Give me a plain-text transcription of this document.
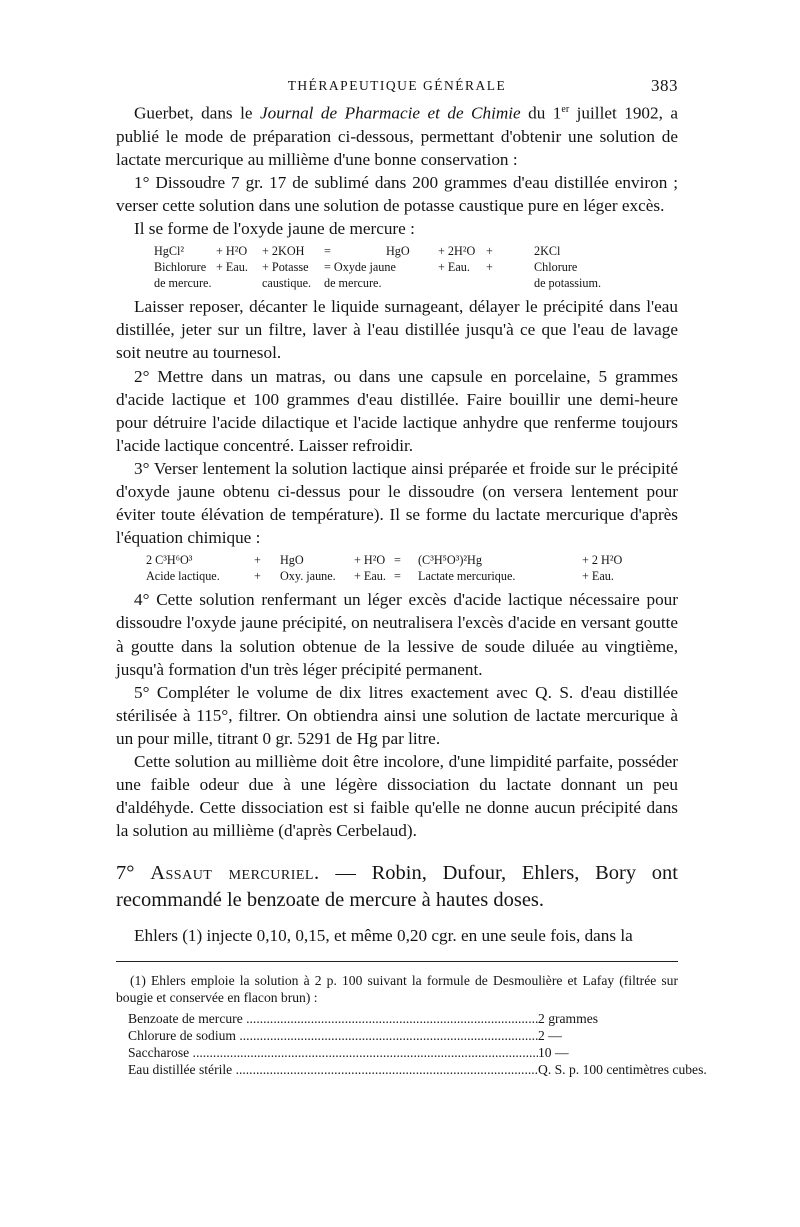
THÉRAPEUTIQUE GÉNÉRALE	383

Guerbet, dans le Journal de Pharmacie et de Chimie du 1er juillet 1902, a publié le mode de préparation ci-dessous, permettant d'obtenir une solution de lactate mercurique au millième d'une bonne conservation :

1° Dissoudre 7 gr. 17 de sublimé dans 200 grammes d'eau distillée environ ; verser cette solution dans une solution de potasse caustique pure en léger excès.

Il se forme de l'oxyde jaune de mercure :

HgCl²	+ H²O	+ 2KOH	=	HgO	+ 2H²O +	2KCl
Bichlorure + Eau.	+ Potasse	= Oxyde jaune	+ Eau.	+	Chlorure
de mercure.	caustique.	de mercure.	de potassium.

Laisser reposer, décanter le liquide surnageant, délayer le précipité dans l'eau distillée, jeter sur un filtre, laver à l'eau distillée jusqu'à ce que l'eau de lavage soit neutre au tournesol.

2° Mettre dans un matras, ou dans une capsule en porcelaine, 5 grammes d'acide lactique et 100 grammes d'eau distillée. Faire bouillir une demi-heure pour détruire l'acide dilactique et l'acide lactique anhydre que renferme toujours l'acide lactique concentré. Laisser refroidir.

3° Verser lentement la solution lactique ainsi préparée et froide sur le précipité d'oxyde jaune obtenu ci-dessus pour le dissoudre (on versera lentement pour éviter toute élévation de température). Il se forme du lactate mercurique d'après l'équation chimique :

2 C³H⁶O³	+	HgO	+ H²O =	(C³H⁵O³)²Hg	+ 2 H²O
Acide lactique.	+	Oxy. jaune. + Eau. =	Lactate mercurique.	+ Eau.

4° Cette solution renfermant un léger excès d'acide lactique nécessaire pour dissoudre l'oxyde jaune précipité, on neutralisera l'excès d'acide en versant goutte à goutte dans la solution obtenue de la lessive de soude diluée au vingtième, jusqu'à formation d'un très léger précipité permanent.

5° Compléter le volume de dix litres exactement avec Q. S. d'eau distillée stérilisée à 115°, filtrer. On obtiendra ainsi une solution de lactate mercurique à un pour mille, titrant 0 gr. 5291 de Hg par litre.

Cette solution au millième doit être incolore, d'une limpidité parfaite, posséder une faible odeur due à une légère dissociation du lactate donnant un peu d'aldéhyde. Cette dissociation est si faible qu'elle ne donne aucun précipité dans la solution au millième (d'après Cerbelaud).

7° Assaut mercuriel. — Robin, Dufour, Ehlers, Bory ont recommandé le benzoate de mercure à hautes doses.

Ehlers (1) injecte 0,10, 0,15, et même 0,20 cgr. en une seule fois, dans la

(1) Ehlers emploie la solution à 2 p. 100 suivant la formule de Desmoulière et Lafay (filtrée sur bougie et conservée en flacon brun) :

Benzoate de mercure .....	2 grammes
Chlorure de sodium .....	2 —
Saccharose .....	10 —
Eau distillée stérile .....	Q. S. p. 100 centimètres cubes.
